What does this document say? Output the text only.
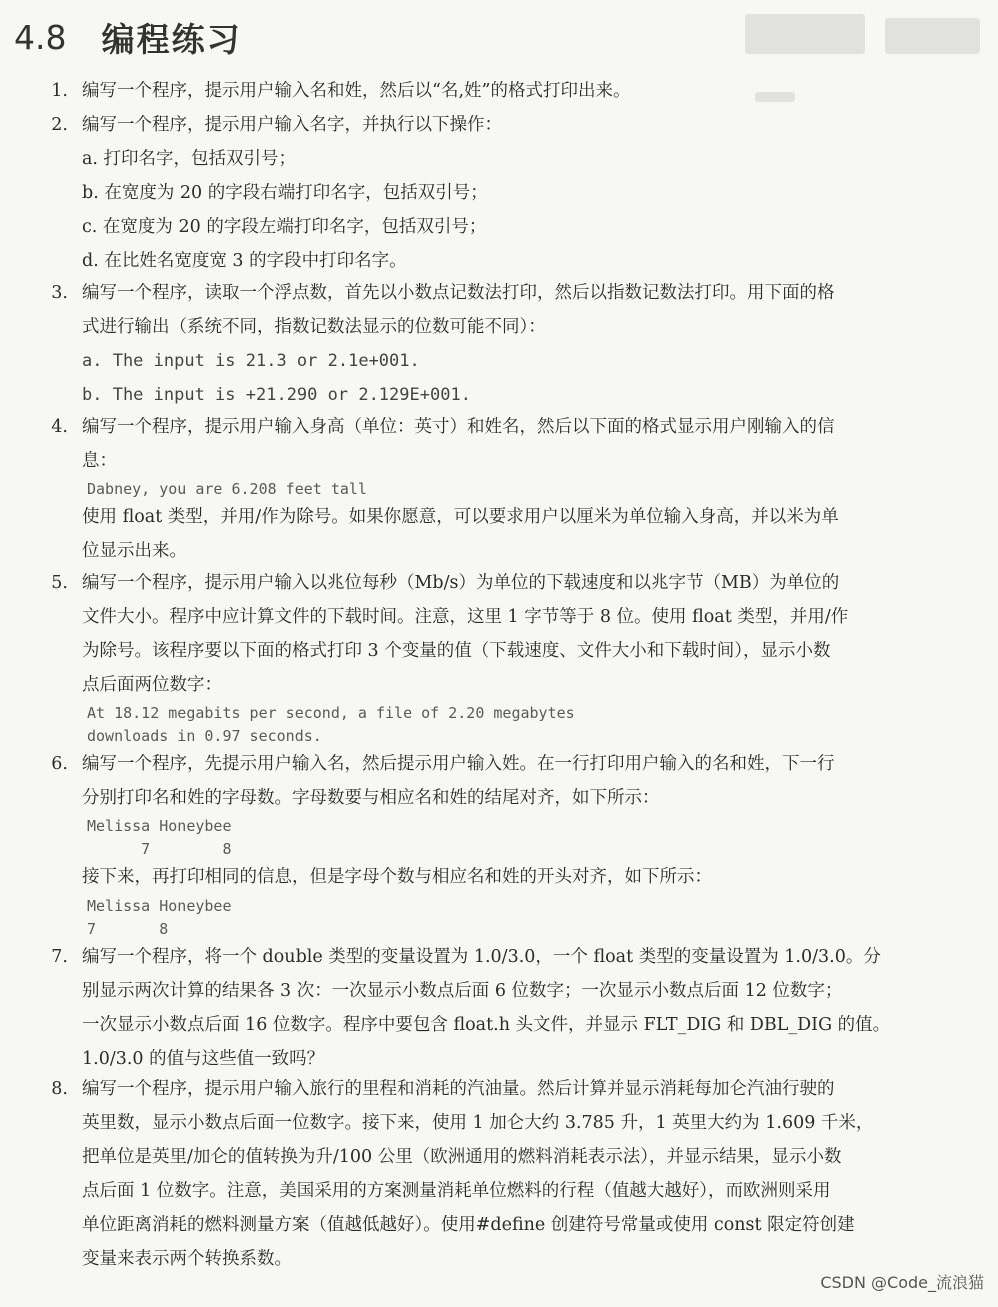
4.8 编程练习
1. 编写一个程序，提示用户输入名和姓，然后以“名,姓”的格式打印出来。
2. 编写一个程序，提示用户输入名字，并执行以下操作：
a. 打印名字，包括双引号；
b. 在宽度为 20 的字段右端打印名字，包括双引号；
c. 在宽度为 20 的字段左端打印名字，包括双引号；
d. 在比姓名宽度宽 3 的字段中打印名字。
3. 编写一个程序，读取一个浮点数，首先以小数点记数法打印，然后以指数记数法打印。用下面的格
式进行输出（系统不同，指数记数法显示的位数可能不同）：
a. The input is 21.3 or 2.1e+001.
b. The input is +21.290 or 2.129E+001.
4. 编写一个程序，提示用户输入身高（单位：英寸）和姓名，然后以下面的格式显示用户刚输入的信
息：
Dabney, you are 6.208 feet tall
使用 float 类型，并用/作为除号。如果你愿意，可以要求用户以厘米为单位输入身高，并以米为单
位显示出来。
5. 编写一个程序，提示用户输入以兆位每秒（Mb/s）为单位的下载速度和以兆字节（MB）为单位的
文件大小。程序中应计算文件的下载时间。注意，这里 1 字节等于 8 位。使用 float 类型，并用/作
为除号。该程序要以下面的格式打印 3 个变量的值（下载速度、文件大小和下载时间），显示小数
点后面两位数字：
At 18.12 megabits per second, a file of 2.20 megabytes
downloads in 0.97 seconds.
6. 编写一个程序，先提示用户输入名，然后提示用户输入姓。在一行打印用户输入的名和姓，下一行
分别打印名和姓的字母数。字母数要与相应名和姓的结尾对齐，如下所示：
Melissa Honeybee
7        8
接下来，再打印相同的信息，但是字母个数与相应名和姓的开头对齐，如下所示：
Melissa Honeybee
7       8
7. 编写一个程序，将一个 double 类型的变量设置为 1.0/3.0，一个 float 类型的变量设置为 1.0/3.0。分
别显示两次计算的结果各 3 次：一次显示小数点后面 6 位数字；一次显示小数点后面 12 位数字；
一次显示小数点后面 16 位数字。程序中要包含 float.h 头文件，并显示 FLT_DIG 和 DBL_DIG 的值。
1.0/3.0 的值与这些值一致吗？
8. 编写一个程序，提示用户输入旅行的里程和消耗的汽油量。然后计算并显示消耗每加仑汽油行驶的
英里数，显示小数点后面一位数字。接下来，使用 1 加仑大约 3.785 升，1 英里大约为 1.609 千米，
把单位是英里/加仑的值转换为升/100 公里（欧洲通用的燃料消耗表示法），并显示结果，显示小数
点后面 1 位数字。注意，美国采用的方案测量消耗单位燃料的行程（值越大越好），而欧洲则采用
单位距离消耗的燃料测量方案（值越低越好）。使用#define 创建符号常量或使用 const 限定符创建
变量来表示两个转换系数。
CSDN @Code_流浪猫
